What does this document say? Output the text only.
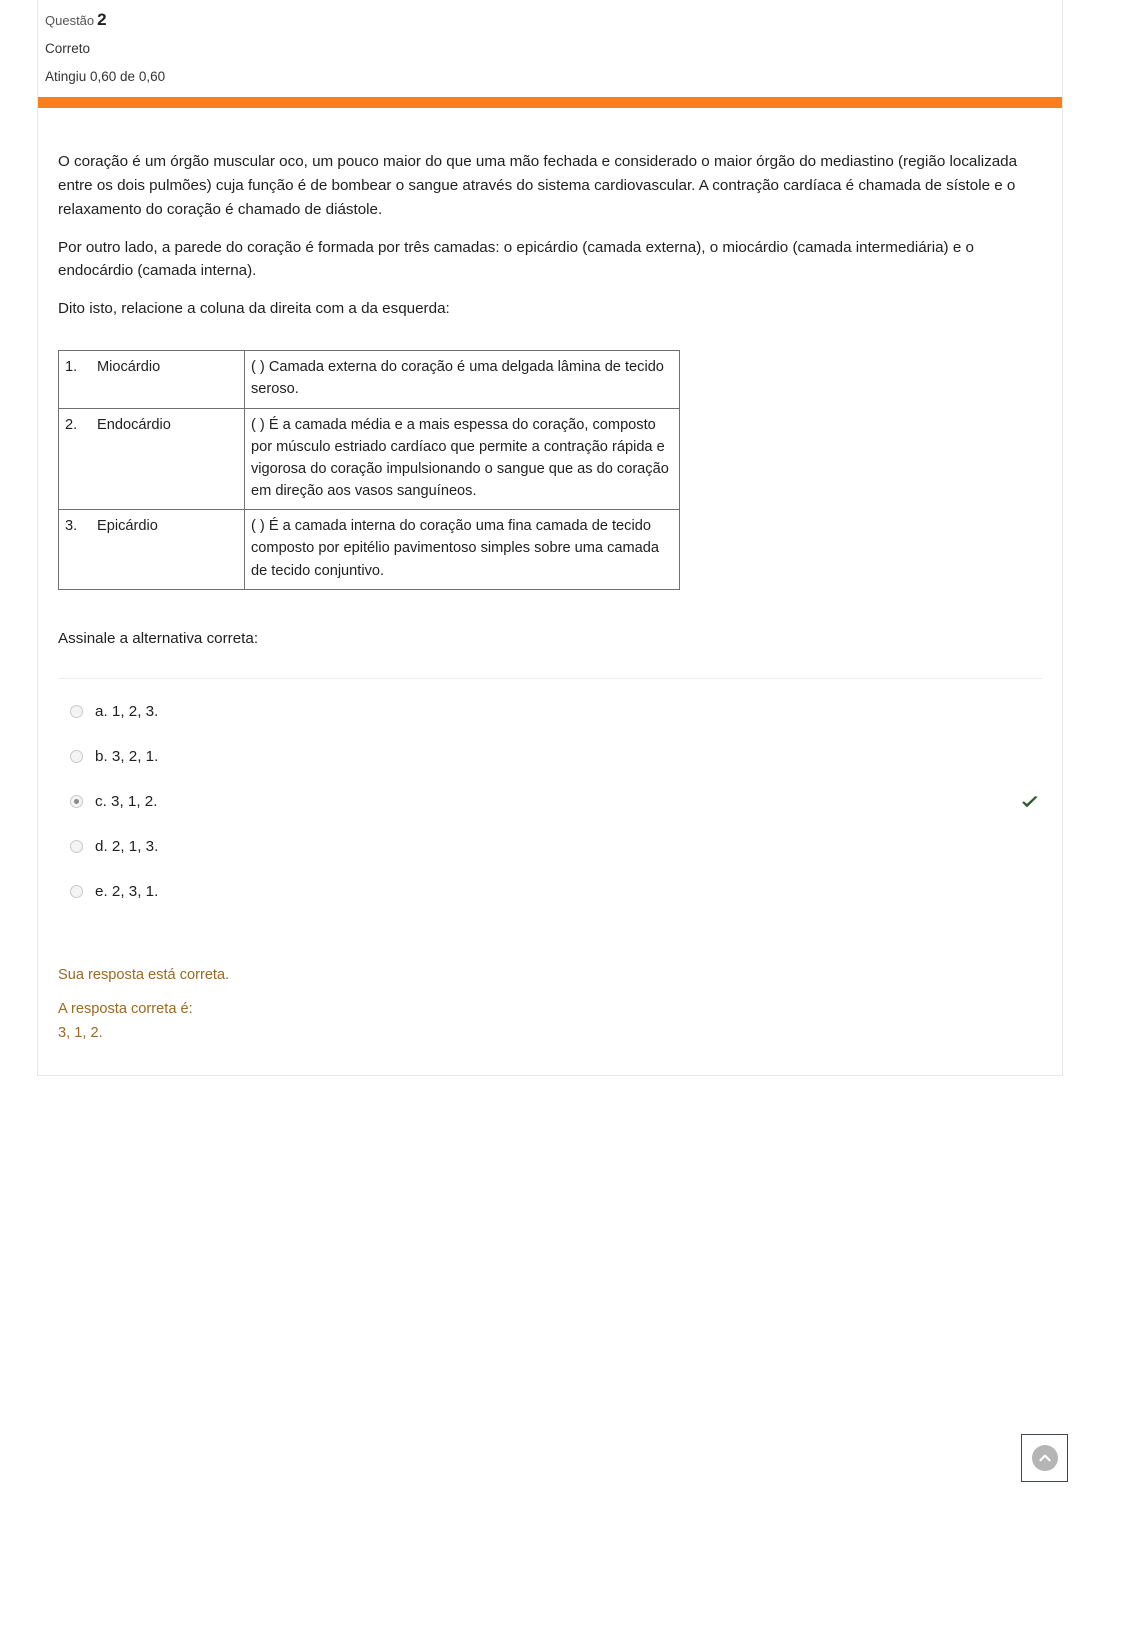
Questão 2
Correto
Atingiu 0,60 de 0,60

O coração é um órgão muscular oco, um pouco maior do que uma mão fechada e considerado o maior órgão do mediastino (região localizada entre os dois pulmões) cuja função é de bombear o sangue através do sistema cardiovascular. A contração cardíaca é chamada de sístole e o relaxamento do coração é chamado de diástole.

Por outro lado, a parede do coração é formada por três camadas: o epicárdio (camada externa), o miocárdio (camada intermediária) e o endocárdio (camada interna).

Dito isto, relacione a coluna da direita com a da esquerda:

1. Miocárdio	( ) Camada externa do coração é uma delgada lâmina de tecido seroso.
2. Endocárdio	( ) É a camada média e a mais espessa do coração, composto por músculo estriado cardíaco que permite a contração rápida e vigorosa do coração impulsionando o sangue que as do coração em direção aos vasos sanguíneos.
3. Epicárdio	( ) É a camada interna do coração uma fina camada de tecido composto por epitélio pavimentoso simples sobre uma camada de tecido conjuntivo.
Assinale a alternativa correta:
a. 1, 2, 3.
b. 3, 2, 1.
c. 3, 1, 2.
d. 2, 1, 3.
e. 2, 3, 1.
Sua resposta está correta.
A resposta correta é:
3, 1, 2.
